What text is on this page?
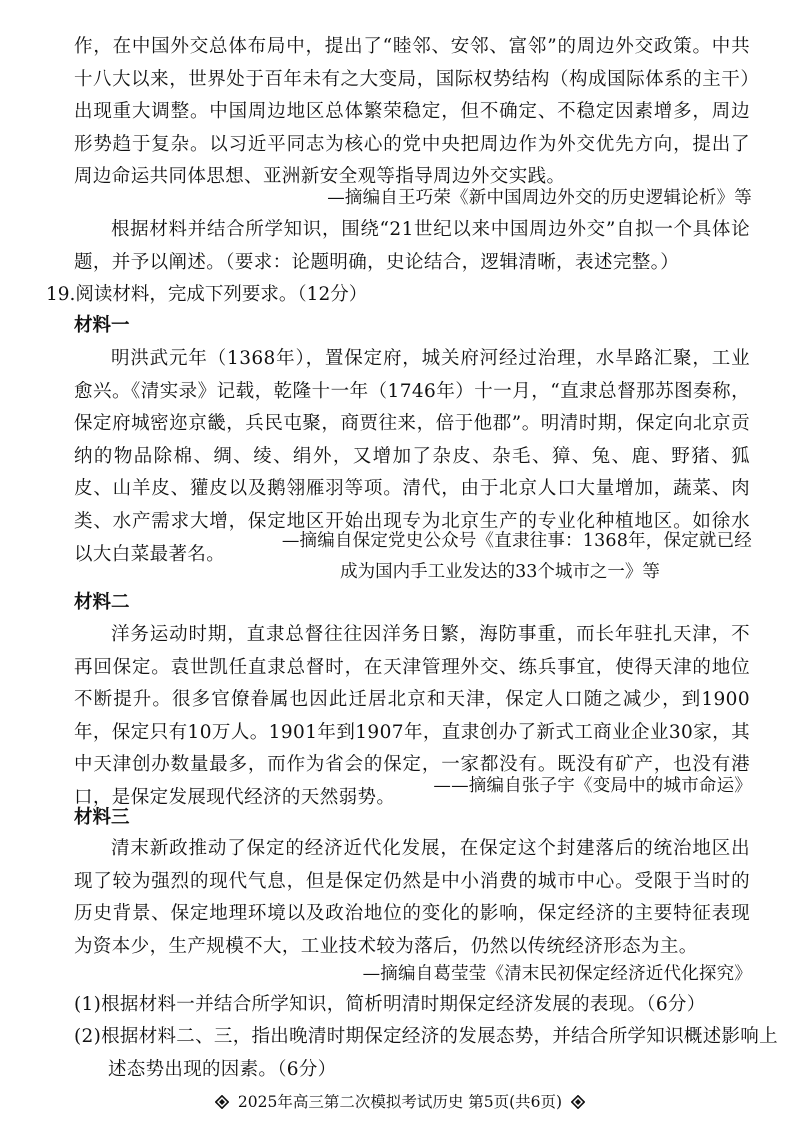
作，在中国外交总体布局中，提出了“睦邻、安邻、富邻”的周边外交政策。中共十八大以来，世界处于百年未有之大变局，国际权势结构（构成国际体系的主干）出现重大调整。中国周边地区总体繁荣稳定，但不确定、不稳定因素增多，周边形势趋于复杂。以习近平同志为核心的党中央把周边作为外交优先方向，提出了周边命运共同体思想、亚洲新安全观等指导周边外交实践。

—摘编自王巧荣《新中国周边外交的历史逻辑论析》等

根据材料并结合所学知识，围绕“21世纪以来中国周边外交”自拟一个具体论题，并予以阐述。（要求：论题明确，史论结合，逻辑清晰，表述完整。）

19.阅读材料，完成下列要求。（12分）
材料一

明洪武元年（1368年），置保定府，城关府河经过治理，水旱路汇聚，工业愈兴。《清实录》记载，乾隆十一年（1746年）十一月，“直隶总督那苏图奏称，保定府城密迩京畿，兵民屯聚，商贾往来，倍于他郡”。明清时期，保定向北京贡纳的物品除棉、绸、绫、绢外，又增加了杂皮、杂毛、獐、兔、鹿、野猪、狐皮、山羊皮、獾皮以及鹅翎雁羽等项。清代，由于北京人口大量增加，蔬菜、肉类、水产需求大增，保定地区开始出现专为北京生产的专业化种植地区。如徐水以大白菜最著名。

—摘编自保定党史公众号《直隶往事：1368年，保定就已经

成为国内手工业发达的33个城市之一》等

材料二

洋务运动时期，直隶总督往往因洋务日繁，海防事重，而长年驻扎天津，不再回保定。袁世凯任直隶总督时，在天津管理外交、练兵事宜，使得天津的地位不断提升。很多官僚眷属也因此迁居北京和天津，保定人口随之减少，到1900年，保定只有10万人。1901年到1907年，直隶创办了新式工商业企业30家，其中天津创办数量最多，而作为省会的保定，一家都没有。既没有矿产，也没有港口，是保定发展现代经济的天然弱势。

——摘编自张子宇《变局中的城市命运》

材料三

清末新政推动了保定的经济近代化发展，在保定这个封建落后的统治地区出现了较为强烈的现代气息，但是保定仍然是中小消费的城市中心。受限于当时的历史背景、保定地理环境以及政治地位的变化的影响，保定经济的主要特征表现为资本少，生产规模不大，工业技术较为落后，仍然以传统经济形态为主。

—摘编自葛莹莹《清末民初保定经济近代化探究》

(1)根据材料一并结合所学知识，简析明清时期保定经济发展的表现。（6分）

(2)根据材料二、三，指出晚清时期保定经济的发展态势，并结合所学知识概述影响上述态势出现的因素。（6分）

2025年高三第二次模拟考试历史 第5页(共6页)
